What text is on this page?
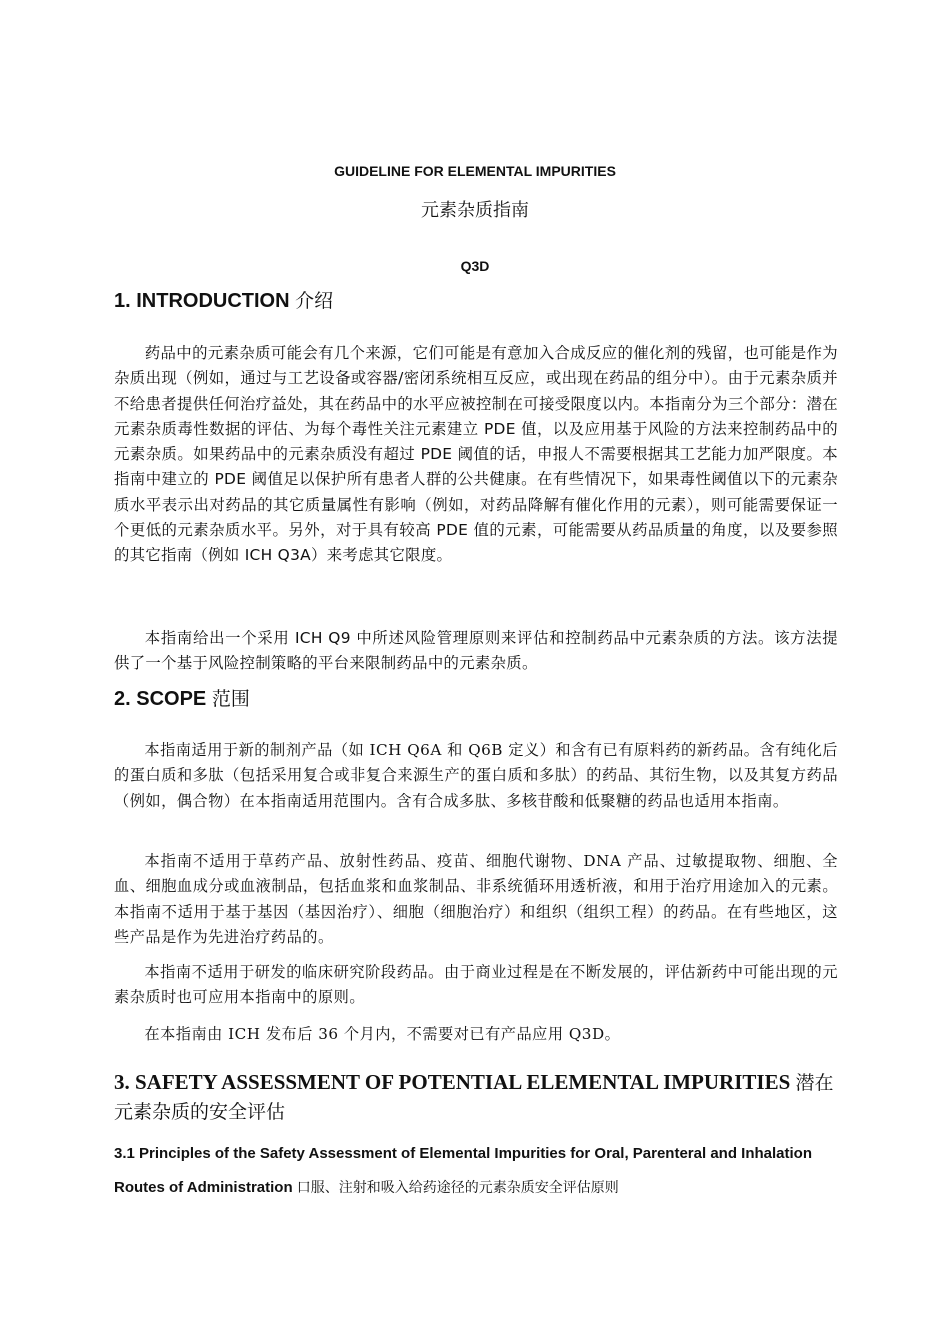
GUIDELINE FOR ELEMENTAL IMPURITIES
元素杂质指南
Q3D
1. INTRODUCTION 介绍
药品中的元素杂质可能会有几个来源，它们可能是有意加入合成反应的催化剂的残留，也可能是作为杂质出现（例如，通过与工艺设备或容器/密闭系统相互反应，或出现在药品的组分中）。由于元素杂质并不给患者提供任何治疗益处，其在药品中的水平应被控制在可接受限度以内。本指南分为三个部分：潜在元素杂质毒性数据的评估、为每个毒性关注元素建立 PDE 值，以及应用基于风险的方法来控制药品中的元素杂质。如果药品中的元素杂质没有超过 PDE 阈值的话，申报人不需要根据其工艺能力加严限度。本指南中建立的 PDE 阈值足以保护所有患者人群的公共健康。在有些情况下，如果毒性阈值以下的元素杂质水平表示出对药品的其它质量属性有影响（例如，对药品降解有催化作用的元素），则可能需要保证一个更低的元素杂质水平。另外，对于具有较高 PDE 值的元素，可能需要从药品质量的角度，以及要参照的其它指南（例如 ICH Q3A）来考虑其它限度。
本指南给出一个采用 ICH Q9 中所述风险管理原则来评估和控制药品中元素杂质的方法。该方法提供了一个基于风险控制策略的平台来限制药品中的元素杂质。
2. SCOPE 范围
本指南适用于新的制剂产品（如 ICH Q6A 和 Q6B 定义）和含有已有原料药的新药品。含有纯化后的蛋白质和多肽（包括采用复合或非复合来源生产的蛋白质和多肽）的药品、其衍生物，以及其复方药品（例如，偶合物）在本指南适用范围内。含有合成多肽、多核苷酸和低聚糖的药品也适用本指南。
本指南不适用于草药产品、放射性药品、疫苗、细胞代谢物、DNA 产品、过敏提取物、细胞、全血、细胞血成分或血液制品，包括血浆和血浆制品、非系统循环用透析液，和用于治疗用途加入的元素。本指南不适用于基于基因（基因治疗）、细胞（细胞治疗）和组织（组织工程）的药品。在有些地区，这些产品是作为先进治疗药品的。
本指南不适用于研发的临床研究阶段药品。由于商业过程是在不断发展的，评估新药中可能出现的元素杂质时也可应用本指南中的原则。
在本指南由 ICH 发布后 36 个月内，不需要对已有产品应用 Q3D。
3. SAFETY ASSESSMENT OF POTENTIAL ELEMENTAL IMPURITIES 潜在元素杂质的安全评估
3.1 Principles of the Safety Assessment of Elemental Impurities for Oral, Parenteral and Inhalation Routes of Administration 口服、注射和吸入给药途径的元素杂质安全评估原则
